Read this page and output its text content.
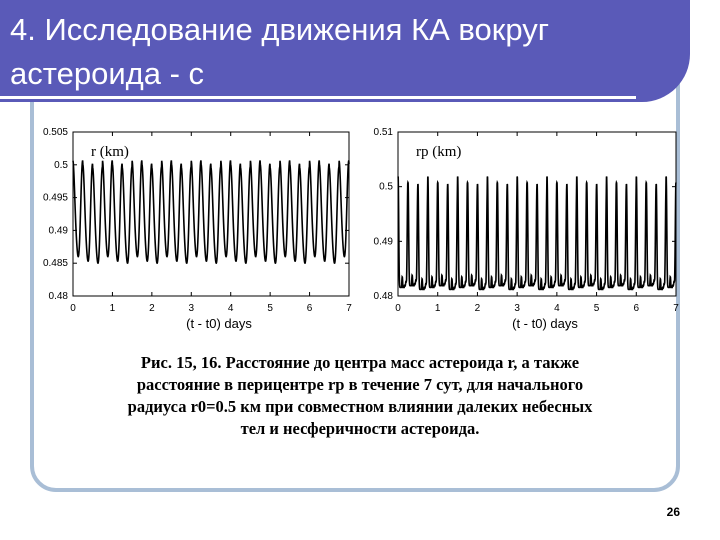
4. Исследование движения КА вокруг
астероида - с
0.48
0.485
0.49
0.495
0.5
0.505
0	1	2	3	4	5	6	7
r (km)
(t - t0) days
0.48
0.49
0.5
0.51
0	1	2	3	4	5	6	7
rp (km)
(t - t0) days
Рис. 15, 16. Расстояние до центра масс астероида r, а также
расстояние в перицентре rp в течение 7 сут, для начального
радиуса r0=0.5 км при совместном влиянии далеких небесных
тел и несферичности астероида.
26
